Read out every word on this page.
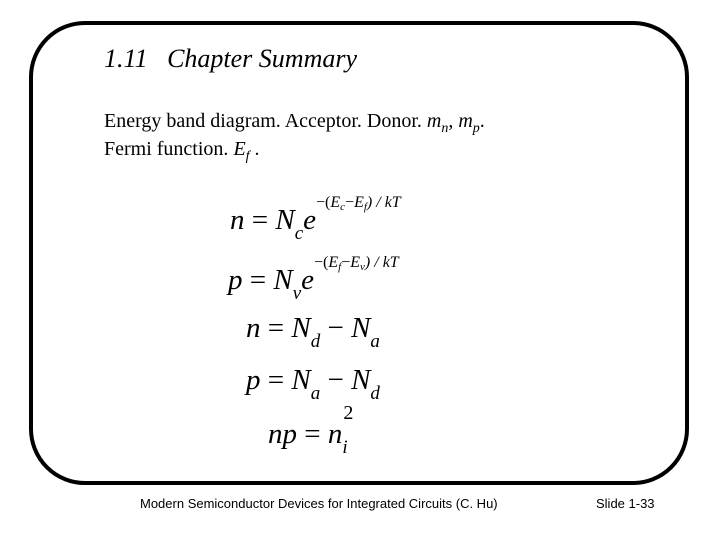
1.11   Chapter Summary
Energy band diagram. Acceptor. Donor. $m_n$, $m_p$.
Fermi function. $E_f$ .
$n = N_ce^{-(Ec-Ef) / kT}$
$p = N_ve^{-(Ef-Ev) / kT}$
$n = N_d - N_a$
$p = N_a - N_d$
np = n
2
$_i$
Modern Semiconductor Devices for Integrated Circuits (C. Hu)	Slide 1-33
